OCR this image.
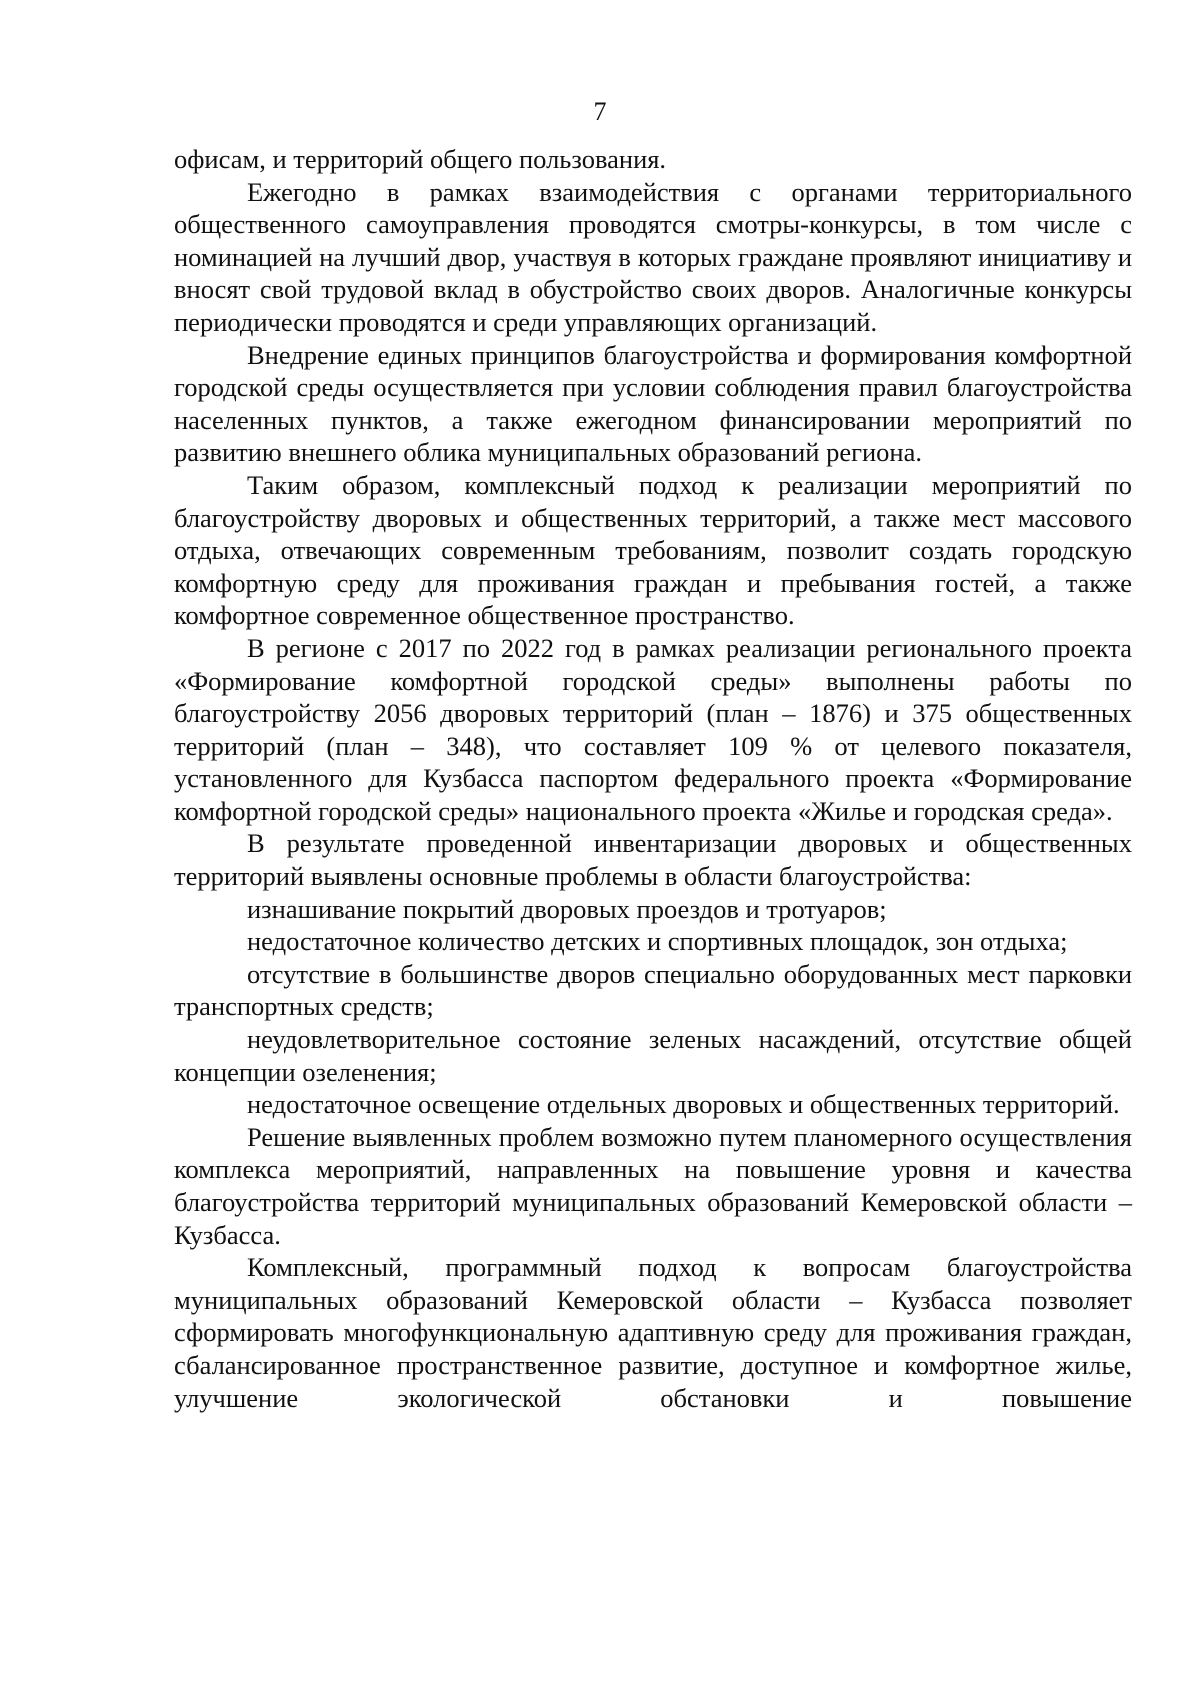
7

офисам, и территорий общего пользования.

Ежегодно в рамках взаимодействия с органами территориального общественного самоуправления проводятся смотры-конкурсы, в том числе с номинацией на лучший двор, участвуя в которых граждане проявляют инициативу и вносят свой трудовой вклад в обустройство своих дворов. Аналогичные конкурсы периодически проводятся и среди управляющих организаций.

Внедрение единых принципов благоустройства и формирования комфортной городской среды осуществляется при условии соблюдения правил благоустройства населенных пунктов, а также ежегодном финансировании мероприятий по развитию внешнего облика муниципальных образований региона.

Таким образом, комплексный подход к реализации мероприятий по благоустройству дворовых и общественных территорий, а также мест массового отдыха, отвечающих современным требованиям, позволит создать городскую комфортную среду для проживания граждан и пребывания гостей, а также комфортное современное общественное пространство.

В регионе с 2017 по 2022 год в рамках реализации регионального проекта «Формирование комфортной городской среды» выполнены работы по благоустройству 2056 дворовых территорий (план – 1876) и 375 общественных территорий (план – 348), что составляет 109 % от целевого показателя, установленного для Кузбасса паспортом федерального проекта «Формирование комфортной городской среды» национального проекта «Жилье и городская среда».

В результате проведенной инвентаризации дворовых и общественных территорий выявлены основные проблемы в области благоустройства:

изнашивание покрытий дворовых проездов и тротуаров;

недостаточное количество детских и спортивных площадок, зон отдыха;

отсутствие в большинстве дворов специально оборудованных мест парковки транспортных средств;

неудовлетворительное состояние зеленых насаждений, отсутствие общей концепции озеленения;

недостаточное освещение отдельных дворовых и общественных территорий.

Решение выявленных проблем возможно путем планомерного осуществления комплекса мероприятий, направленных на повышение уровня и качества благоустройства территорий муниципальных образований Кемеровской области – Кузбасса.

Комплексный, программный подход к вопросам благоустройства муниципальных образований Кемеровской области – Кузбасса позволяет сформировать многофункциональную адаптивную среду для проживания граждан, сбалансированное пространственное развитие, доступное и комфортное жилье, улучшение экологической обстановки и повышение
